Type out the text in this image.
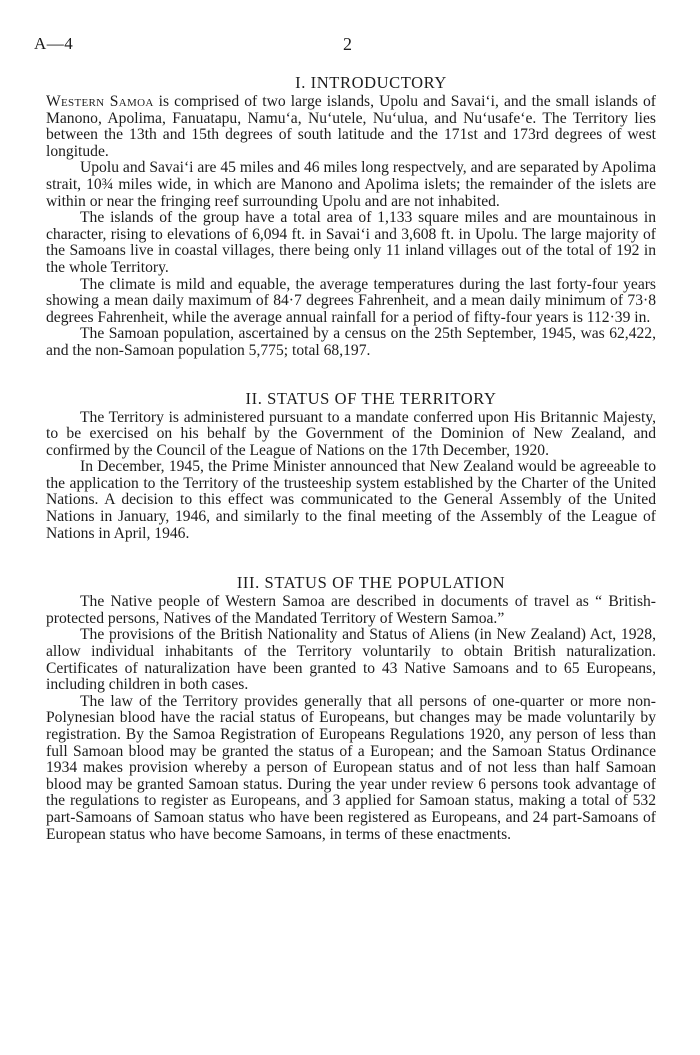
A—4	2
I. INTRODUCTORY

Western Samoa is comprised of two large islands, Upolu and Savai‘i, and the small islands of Manono, Apolima, Fanuatapu, Namu‘a, Nu‘utele, Nu‘ulua, and Nu‘usafe‘e. The Territory lies between the 13th and 15th degrees of south latitude and the 171st and 173rd degrees of west longitude.

Upolu and Savai‘i are 45 miles and 46 miles long respectvely, and are separated by Apolima strait, 10¾ miles wide, in which are Manono and Apolima islets; the remainder of the islets are within or near the fringing reef surrounding Upolu and are not inhabited.

The islands of the group have a total area of 1,133 square miles and are mountainous in character, rising to elevations of 6,094 ft. in Savai‘i and 3,608 ft. in Upolu. The large majority of the Samoans live in coastal villages, there being only 11 inland villages out of the total of 192 in the whole Territory.

The climate is mild and equable, the average temperatures during the last forty-four years showing a mean daily maximum of 84·7 degrees Fahrenheit, and a mean daily minimum of 73·8 degrees Fahrenheit, while the average annual rainfall for a period of fifty-four years is 112·39 in.

The Samoan population, ascertained by a census on the 25th September, 1945, was 62,422, and the non-Samoan population 5,775; total 68,197.

II. STATUS OF THE TERRITORY

The Territory is administered pursuant to a mandate conferred upon His Britannic Majesty, to be exercised on his behalf by the Government of the Dominion of New Zealand, and confirmed by the Council of the League of Nations on the 17th December, 1920.

In December, 1945, the Prime Minister announced that New Zealand would be agreeable to the application to the Territory of the trusteeship system established by the Charter of the United Nations. A decision to this effect was communicated to the General Assembly of the United Nations in January, 1946, and similarly to the final meeting of the Assembly of the League of Nations in April, 1946.

III. STATUS OF THE POPULATION

The Native people of Western Samoa are described in documents of travel as “ British-protected persons, Natives of the Mandated Territory of Western Samoa.”

The provisions of the British Nationality and Status of Aliens (in New Zealand) Act, 1928, allow individual inhabitants of the Territory voluntarily to obtain British naturalization. Certificates of naturalization have been granted to 43 Native Samoans and to 65 Europeans, including children in both cases.

The law of the Territory provides generally that all persons of one-quarter or more non-Polynesian blood have the racial status of Europeans, but changes may be made voluntarily by registration. By the Samoa Registration of Europeans Regulations 1920, any person of less than full Samoan blood may be granted the status of a European; and the Samoan Status Ordinance 1934 makes provision whereby a person of European status and of not less than half Samoan blood may be granted Samoan status. During the year under review 6 persons took advantage of the regulations to register as Europeans, and 3 applied for Samoan status, making a total of 532 part-Samoans of Samoan status who have been registered as Europeans, and 24 part-Samoans of European status who have become Samoans, in terms of these enactments.
